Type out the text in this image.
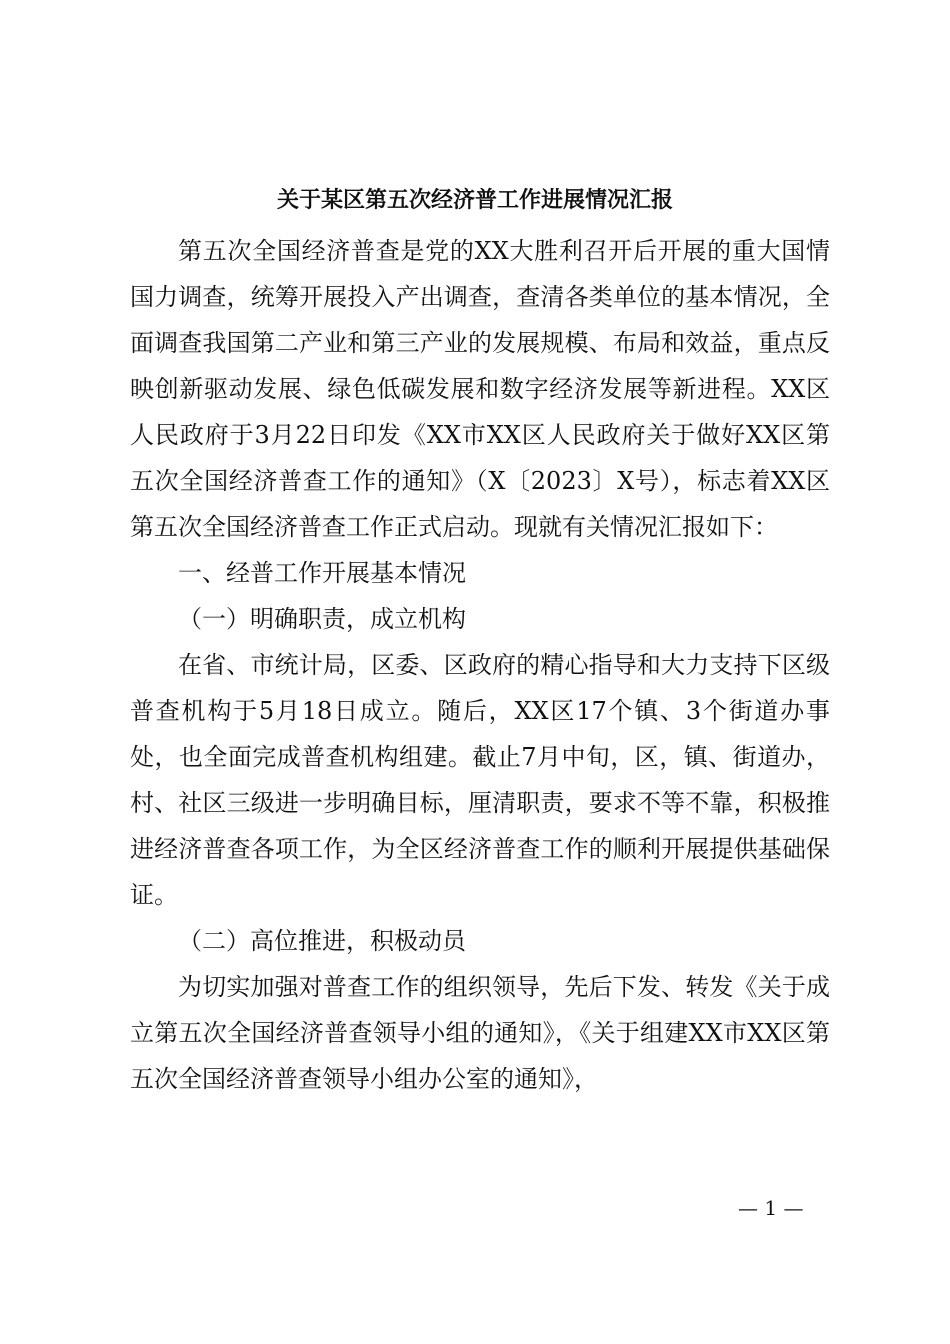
关于某区第五次经济普工作进展情况汇报

第五次全国经济普查是党的XX大胜利召开后开展的重大国情国力调查，统筹开展投入产出调查，查清各类单位的基本情况，全面调查我国第二产业和第三产业的发展规模、布局和效益，重点反映创新驱动发展、绿色低碳发展和数字经济发展等新进程。XX区人民政府于3月22日印发《XX市XX区人民政府关于做好XX区第五次全国经济普查工作的通知》（X〔2023〕X号），标志着XX区第五次全国经济普查工作正式启动。现就有关情况汇报如下：

一、经普工作开展基本情况

（一）明确职责，成立机构

在省、市统计局，区委、区政府的精心指导和大力支持下区级普查机构于5月18日成立。随后，XX区17个镇、3个街道办事处，也全面完成普查机构组建。截止7月中旬，区，镇、街道办，村、社区三级进一步明确目标，厘清职责，要求不等不靠，积极推进经济普查各项工作，为全区经济普查工作的顺利开展提供基础保证。

（二）高位推进，积极动员

为切实加强对普查工作的组织领导，先后下发、转发《关于成立第五次全国经济普查领导小组的通知》，《关于组建XX市XX区第五次全国经济普查领导小组办公室的通知》，

— 1 —
